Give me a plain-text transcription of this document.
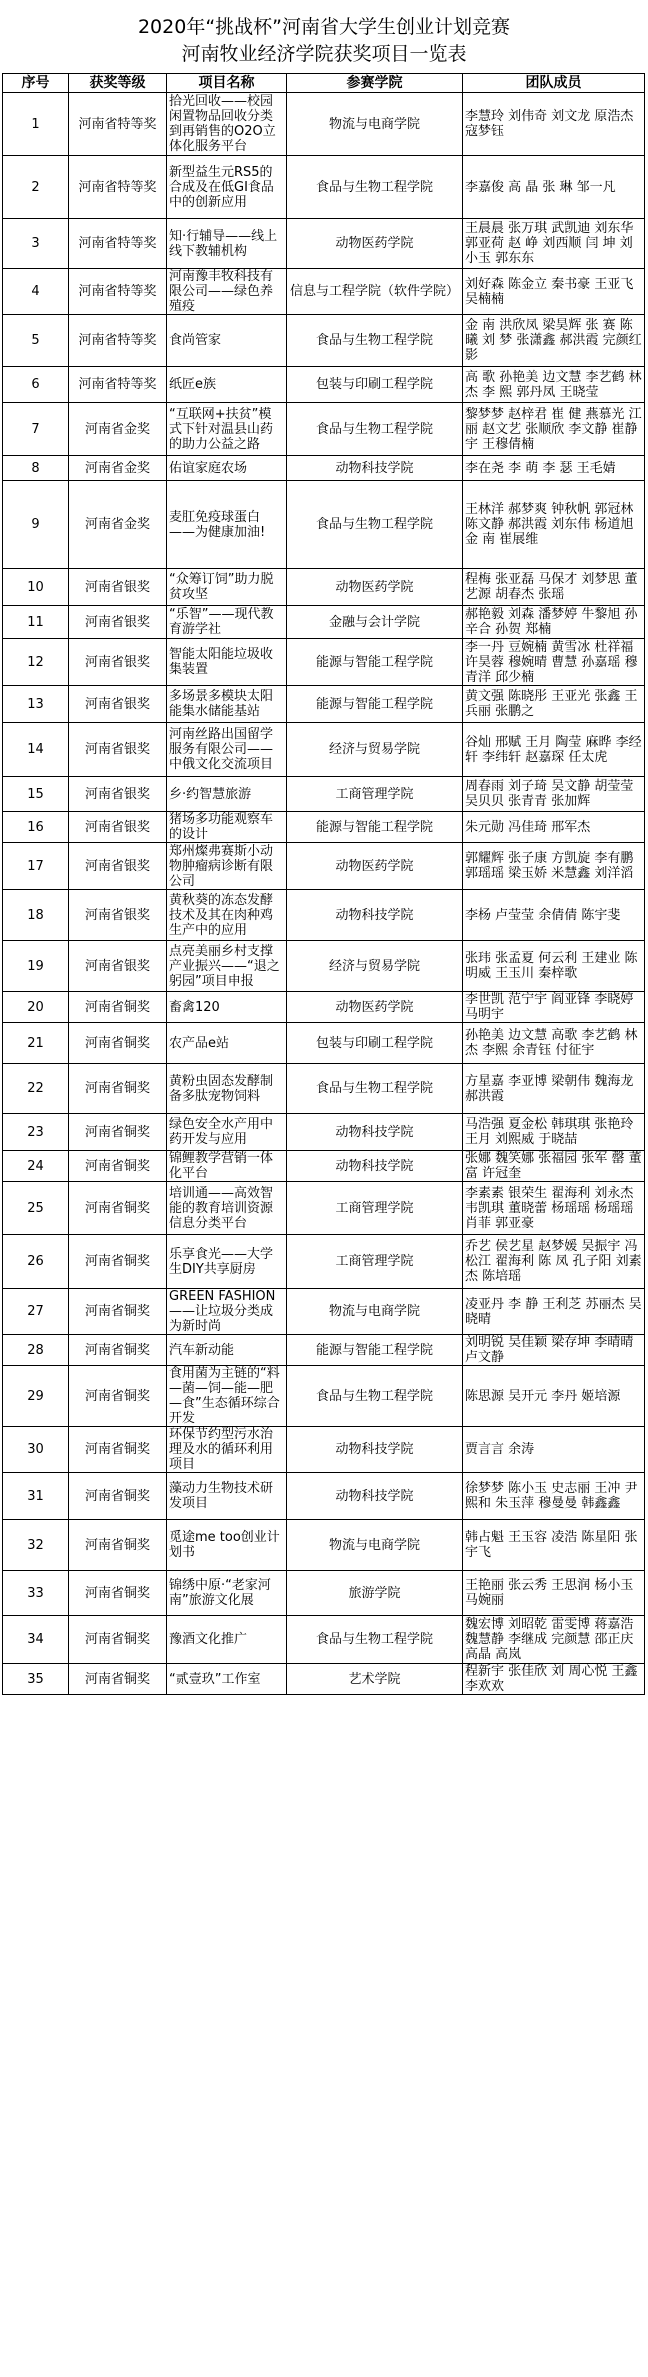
2020年“挑战杯”河南省大学生创业计划竞赛
河南牧业经济学院获奖项目一览表
序号	获奖等级	项目名称	参赛学院	团队成员
1	河南省特等奖	拾光回收——校园闲置物品回收分类到再销售的O2O立体化服务平台	物流与电商学院	李慧玲 刘伟奇 刘文龙 原浩杰 寇梦钰
2	河南省特等奖	新型益生元RS5的合成及在低GI食品中的创新应用	食品与生物工程学院	李嘉俊 高 晶 张 琳 邹一凡
3	河南省特等奖	知·行辅导——线上线下教辅机构	动物医药学院	王晨晨 张万琪 武凯迪 刘东华 郭亚荷 赵 峥 刘西顺 闫 坤 刘小玉 郭东东
4	河南省特等奖	河南豫丰牧科技有限公司——绿色养殖疫	信息与工程学院（软件学院）	刘好森 陈金立 秦书豪 王亚飞 吴楠楠
5	河南省特等奖	食尚管家	食品与生物工程学院	金 南 洪欣凤 梁昊辉 张 赛 陈 曦 刘 梦 张潇鑫 郝洪霞 完颜红 影
6	河南省特等奖	纸匠e族	包装与印刷工程学院	高 歌 孙艳美 边文慧 李艺鹤 林 杰 李 熙 郭丹凤 王晓莹
7	河南省金奖	“互联网+扶贫”模式下针对温县山药的助力公益之路	食品与生物工程学院	黎梦梦 赵梓君 崔 健 燕慕光 江 丽 赵文艺 张顺欣 李文静 崔静宇 王穆倩楠
8	河南省金奖	佑谊家庭农场	动物科技学院	李在尧 李 萌 李 瑟 王毛婧
9	河南省金奖	麦肛免疫球蛋白——为健康加油!	食品与生物工程学院	王林洋 郝梦爽 钟秋帆 郭冠林 陈文静 郝洪霞 刘东伟 杨道旭 金 南 崔展维
10	河南省银奖	“众筹订饲”助力脱贫攻坚	动物医药学院	程梅 张亚磊 马保才 刘梦思 董艺源 胡春杰 张瑶
11	河南省银奖	“乐智”——现代教育游学社	金融与会计学院	郝艳毅 刘森 潘梦婷 牛黎旭 孙辛合 孙贺 郑楠
12	河南省银奖	智能太阳能垃圾收集装置	能源与智能工程学院	李一丹 豆婉楠 黄雪冰 杜祥福 许昊蓉 穆婉晴 曹慧 孙嘉瑶 穆青洋 邱少楠
13	河南省银奖	多场景多模块太阳能集水储能基站	能源与智能工程学院	黄文强 陈晓彤 王亚光 张鑫 王兵丽 张鹏之
14	河南省银奖	河南丝路出国留学服务有限公司——中俄文化交流项目	经济与贸易学院	谷灿 邢赋 王月 陶莹 麻晔 李经轩 李纬轩 赵嘉琛 任太虎
15	河南省银奖	乡·约智慧旅游	工商管理学院	周春雨 刘子琦 吴文静 胡莹莹 吴贝贝 张青青 张加辉
16	河南省银奖	猪场多功能观察车的设计	能源与智能工程学院	朱元勋 冯佳琦 邢军杰
17	河南省银奖	郑州燦弗赛斯小动物肿瘤病诊断有限公司	动物医药学院	郭耀辉 张子康 方凯旋 李有鹏 郭瑶瑶 梁玉娇 米慧鑫 刘洋滔
18	河南省银奖	黄秋葵的冻态发酵技术及其在肉种鸡生产中的应用	动物科技学院	李杨 卢莹莹 余倩倩 陈宇斐
19	河南省银奖	点亮美丽乡村支撑产业振兴——“退之躬园”项目申报	经济与贸易学院	张玮 张孟夏 何云利 王建业 陈明威 王玉川 秦梓歌
20	河南省铜奖	畜禽120	动物医药学院	李世凯 范宁宇 阎亚锋 李晓婷 马明宇
21	河南省铜奖	农产品e站	包装与印刷工程学院	孙艳美 边文慧 高歌 李艺鹤 林杰 李熙 余青钰 付征宇
22	河南省铜奖	黄粉虫固态发酵制备多肽宠物饲料	食品与生物工程学院	方星嘉 李亚博 梁朝伟 魏海龙 郝洪霞
23	河南省铜奖	绿色安全水产用中药开发与应用	动物科技学院	马浩强 夏金松 韩琪琪 张艳玲 王月 刘熙威 于晓喆
24	河南省铜奖	锦鲤教学营销一体化平台	动物科技学院	张娜 魏笑娜 张福园 张军 罄 董 富 许冠奎
25	河南省铜奖	培训通——高效智能的教育培训资源信息分类平台	工商管理学院	李素素 银荣生 翟海利 刘永杰 韦凯琪 董晓蕾 杨瑶瑶 杨瑶瑶 肖菲 郭亚豪
26	河南省铜奖	乐享食光——大学生DIY共享厨房	工商管理学院	乔艺 侯艺星 赵梦媛 吴振宇 冯松江 翟海利 陈 凤 孔子阳 刘素杰 陈培瑶
27	河南省铜奖	GREEN FASHION——让垃圾分类成为新时尚	物流与电商学院	凌亚丹 李 静 王利芝 苏丽杰 吴晓晴
28	河南省铜奖	汽车新动能	能源与智能工程学院	刘明锐 吴佳颖 梁存坤 李晴晴 卢文静
29	河南省铜奖	食用菌为主链的“料—菌—饲—能—肥—食”生态循环综合开发	食品与生物工程学院	陈思源 吴开元 李丹 姬培源
30	河南省铜奖	环保节约型污水治理及水的循环利用项目	动物科技学院	贾言言 余涛
31	河南省铜奖	藻动力生物技术研发项目	动物科技学院	徐梦梦 陈小玉 史志丽 王冲 尹熙和 朱玉萍 穆曼曼 韩鑫鑫
32	河南省铜奖	觅途me too创业计划书	物流与电商学院	韩占魁 王玉容 凌浩 陈星阳 张宇飞
33	河南省铜奖	锦绣中原·“老家河南”旅游文化展	旅游学院	王艳丽 张云秀 王思润 杨小玉 马婉丽
34	河南省铜奖	豫酒文化推广	食品与生物工程学院	魏宏博 刘昭乾 雷雯博 蒋嘉浩 魏慧静 李继成 完颜慧 邵正庆 高晶 高岚
35	河南省铜奖	“贰壹玖”工作室	艺术学院	程新宇 张佳欣 刘 周心悦 王鑫 李欢欢
